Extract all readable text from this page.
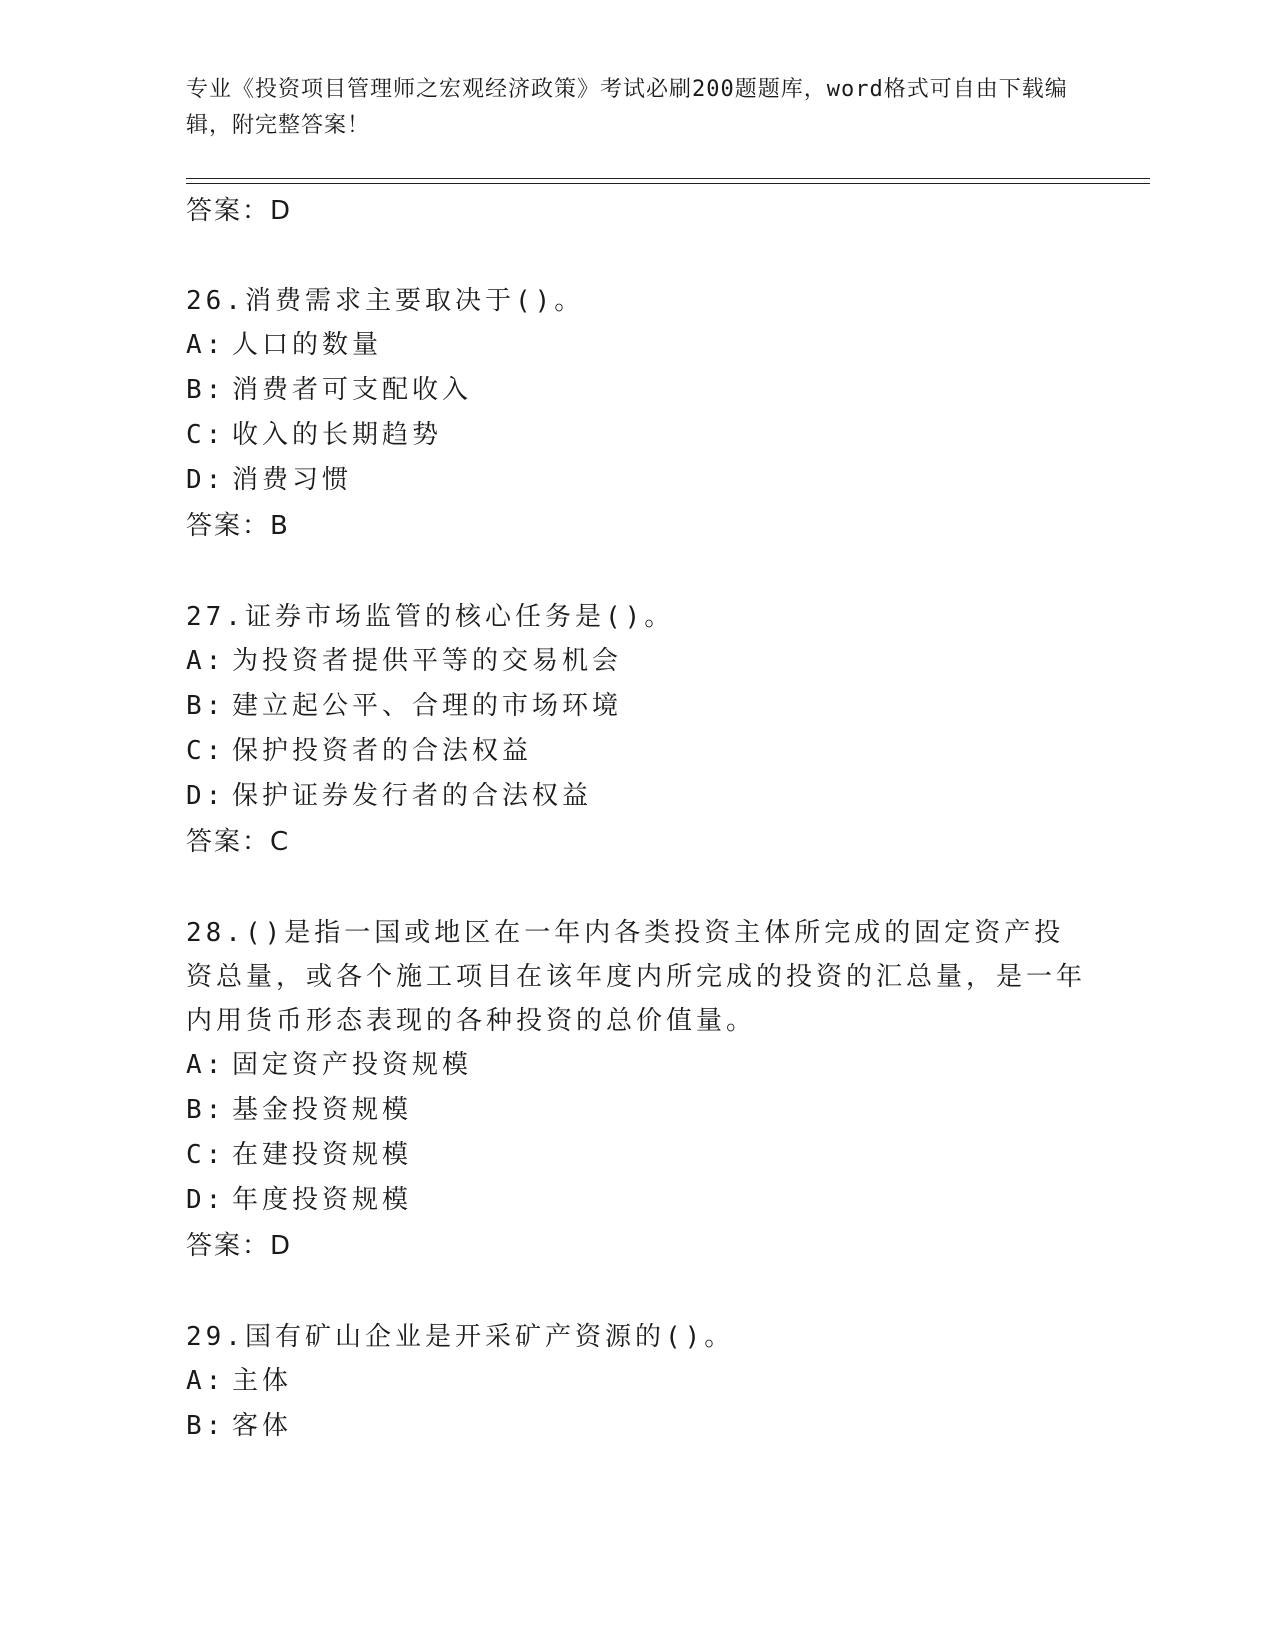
专业《投资项目管理师之宏观经济政策》考试必刷200题题库，word格式可自由下载编辑，附完整答案！
答案：D
26.消费需求主要取决于()。
A: 人口的数量
B: 消费者可支配收入
C: 收入的长期趋势
D: 消费习惯
答案：B
27.证券市场监管的核心任务是()。
A: 为投资者提供平等的交易机会
B: 建立起公平、合理的市场环境
C: 保护投资者的合法权益
D: 保护证券发行者的合法权益
答案：C
28.()是指一国或地区在一年内各类投资主体所完成的固定资产投资总量，或各个施工项目在该年度内所完成的投资的汇总量，是一年内用货币形态表现的各种投资的总价值量。
A: 固定资产投资规模
B: 基金投资规模
C: 在建投资规模
D: 年度投资规模
答案：D
29.国有矿山企业是开采矿产资源的()。
A: 主体
B: 客体
